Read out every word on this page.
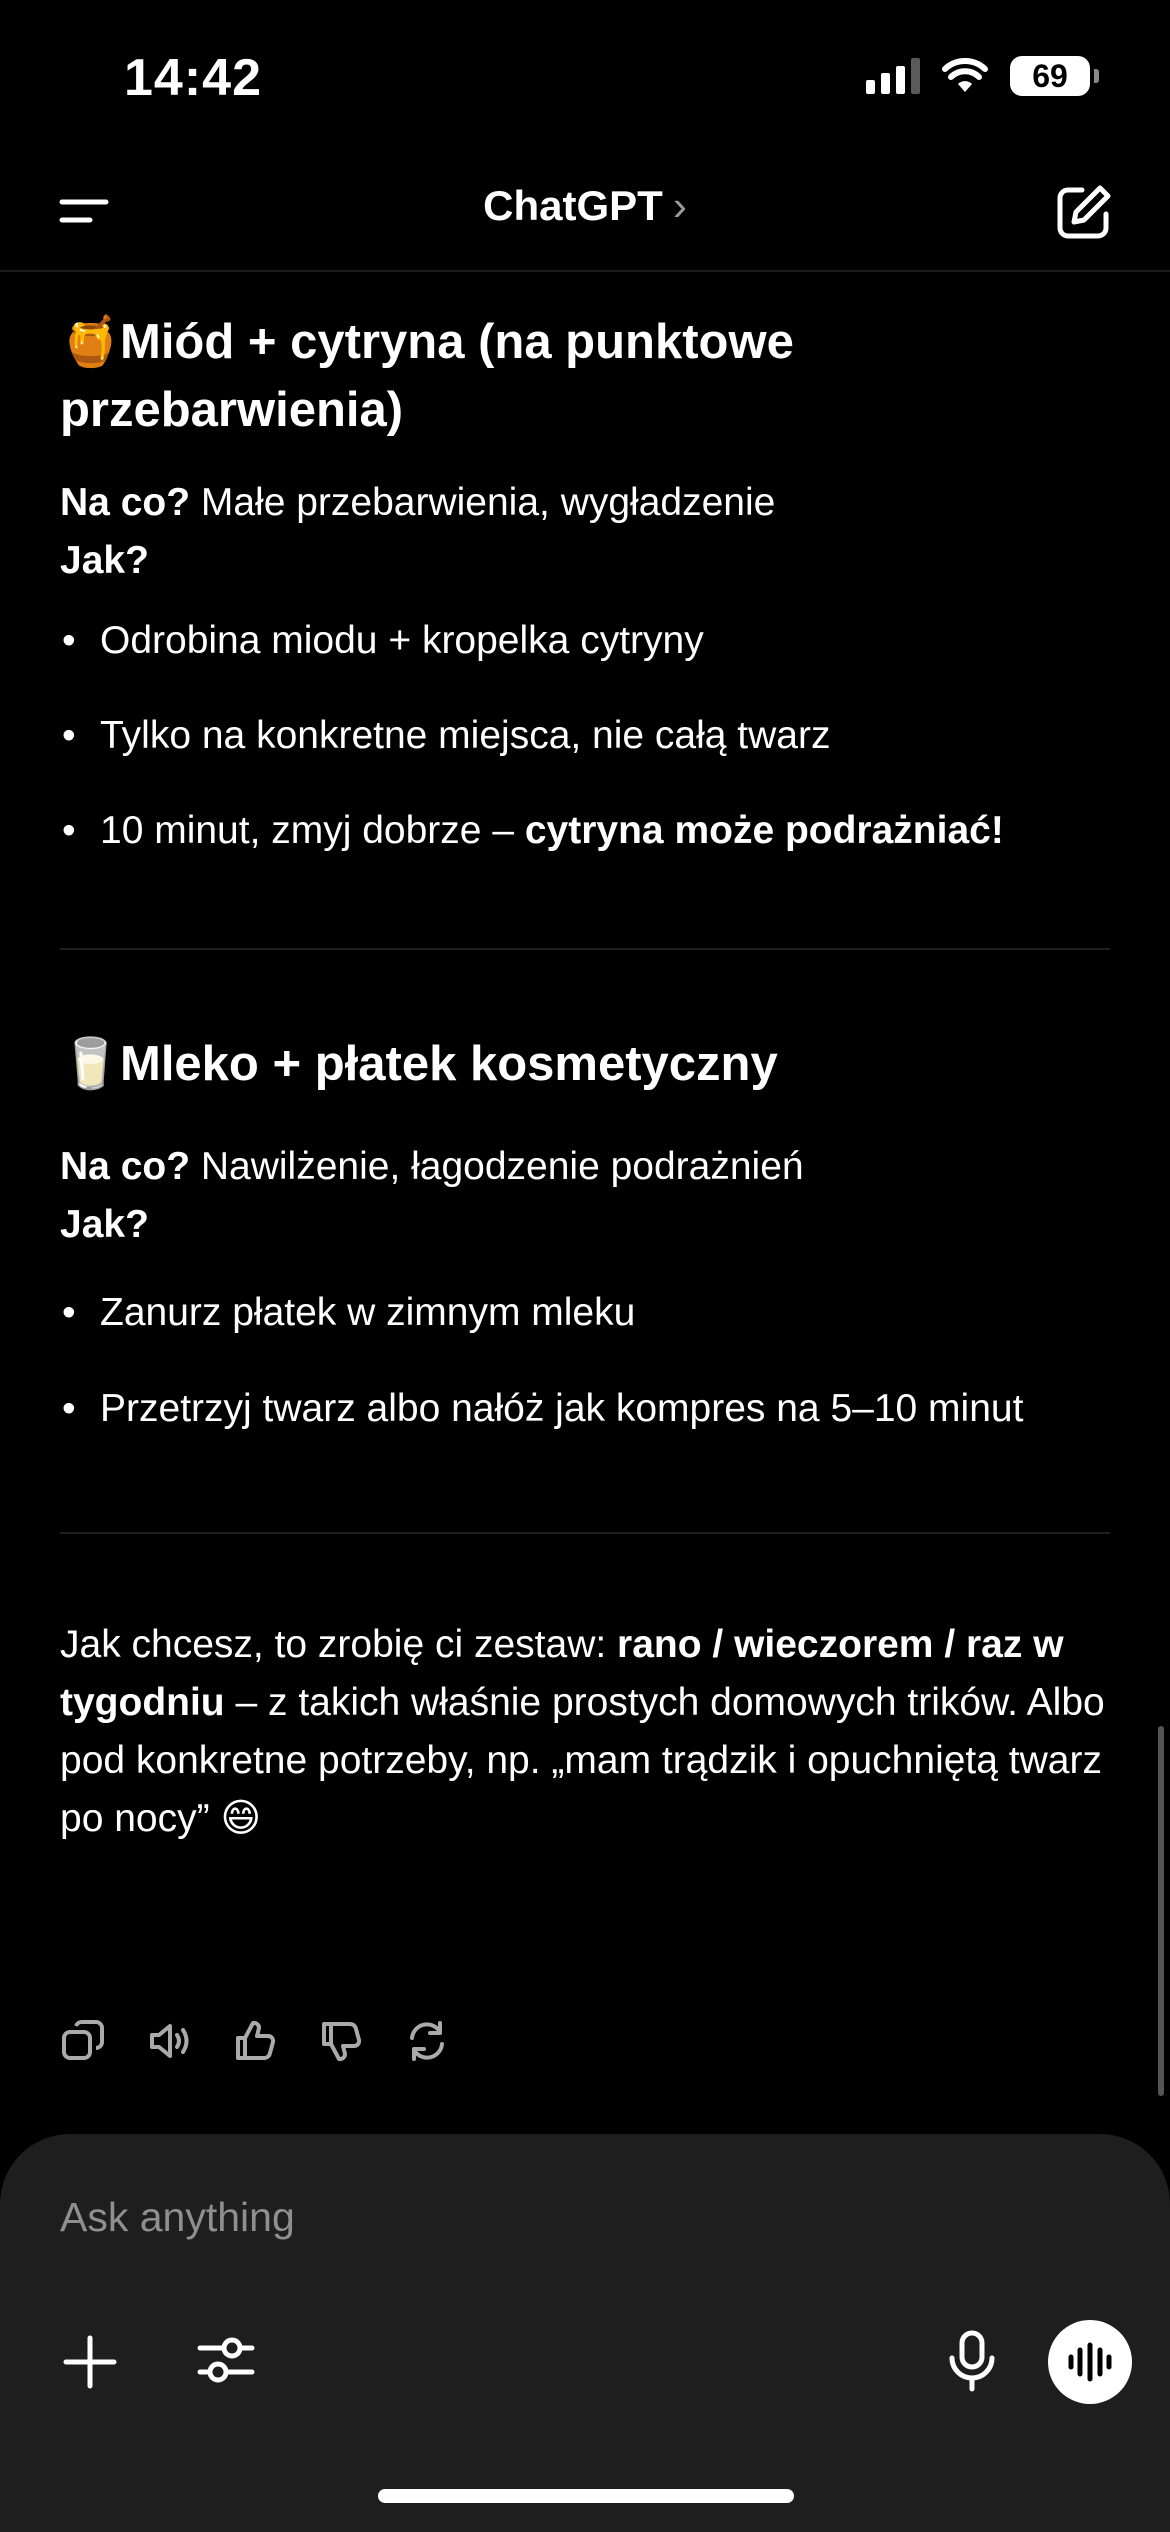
14:42	69
ChatGPT ›
🍯Miód + cytryna (na punktowe
przebarwienia)
Na co? Małe przebarwienia, wygładzenie
Jak?
• Odrobina miodu + kropelka cytryny
• Tylko na konkretne miejsca, nie całą twarz
• 10 minut, zmyj dobrze – cytryna może podrażniać!
🥛Mleko + płatek kosmetyczny
Na co? Nawilżenie, łagodzenie podrażnień
Jak?
• Zanurz płatek w zimnym mleku
• Przetrzyj twarz albo nałóż jak kompres na 5–10 minut
Jak chcesz, to zrobię ci zestaw: rano / wieczorem / raz w tygodniu – z takich właśnie prostych domowych trików. Albo pod konkretne potrzeby, np. „mam trądzik i opuchniętą twarz po nocy” 😄
Ask anything
